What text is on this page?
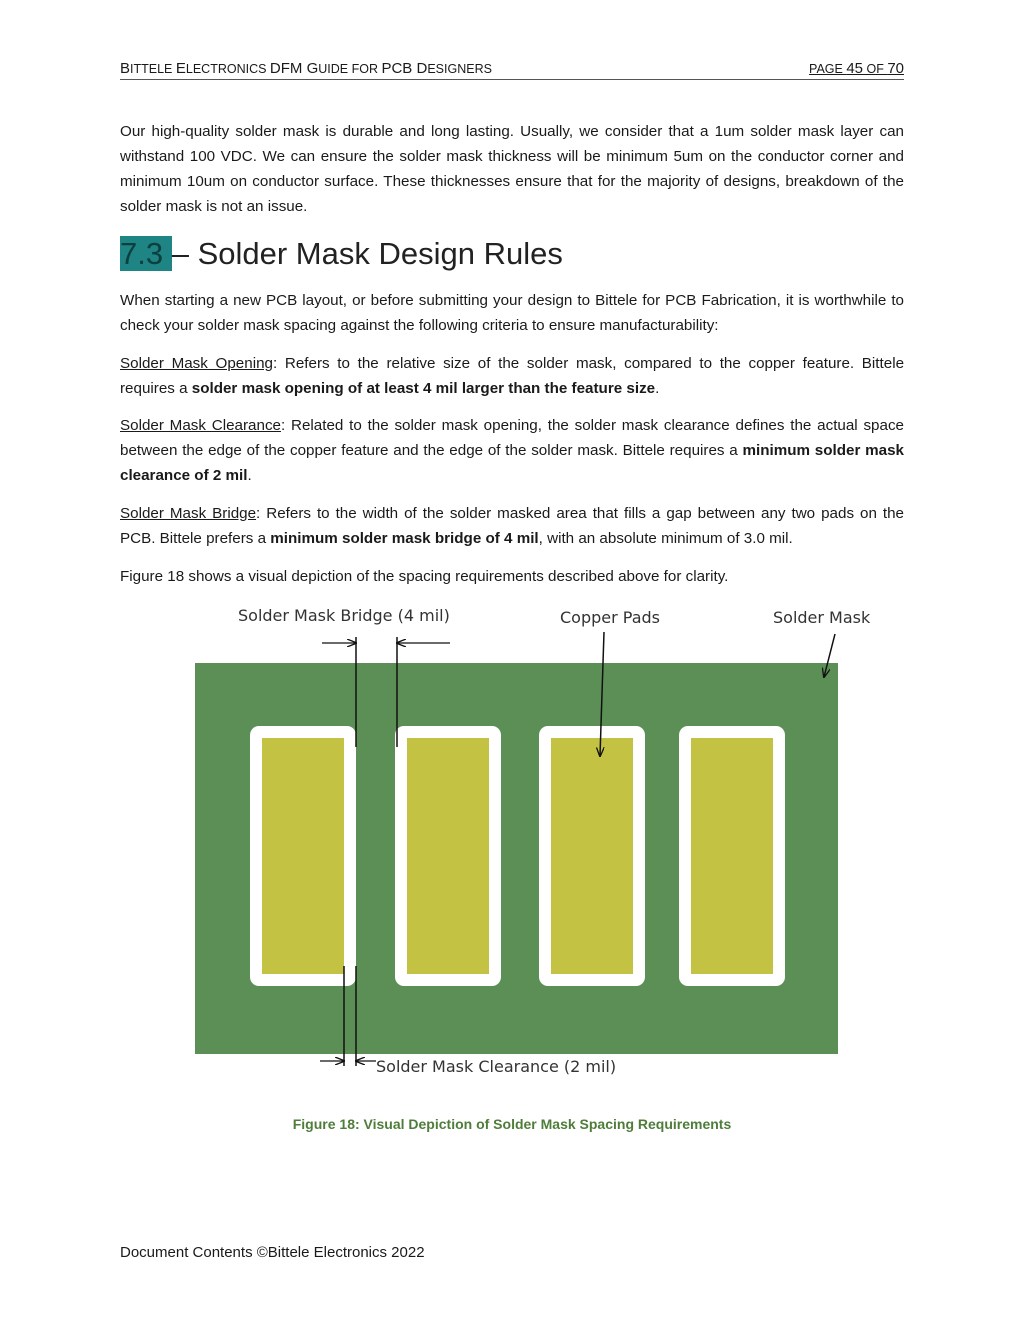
BITTELE ELECTRONICS DFM GUIDE FOR PCB DESIGNERS	PAGE 45 OF 70

Our high-quality solder mask is durable and long lasting. Usually, we consider that a 1um solder mask layer can withstand 100 VDC. We can ensure the solder mask thickness will be minimum 5um on the conductor corner and minimum 10um on conductor surface. These thicknesses ensure that for the majority of designs, breakdown of the solder mask is not an issue.

7.3 – Solder Mask Design Rules

When starting a new PCB layout, or before submitting your design to Bittele for PCB Fabrication, it is worthwhile to check your solder mask spacing against the following criteria to ensure manufacturability:

Solder Mask Opening: Refers to the relative size of the solder mask, compared to the copper feature. Bittele requires a solder mask opening of at least 4 mil larger than the feature size.

Solder Mask Clearance: Related to the solder mask opening, the solder mask clearance defines the actual space between the edge of the copper feature and the edge of the solder mask. Bittele requires a minimum solder mask clearance of 2 mil.

Solder Mask Bridge: Refers to the width of the solder masked area that fills a gap between any two pads on the PCB. Bittele prefers a minimum solder mask bridge of 4 mil, with an absolute minimum of 3.0 mil.

Figure 18 shows a visual depiction of the spacing requirements described above for clarity.

Solder Mask Bridge (4 mil)	Copper Pads	Solder Mask
Solder Mask Clearance (2 mil)
Figure 18: Visual Depiction of Solder Mask Spacing Requirements
Document Contents ©Bittele Electronics 2022
